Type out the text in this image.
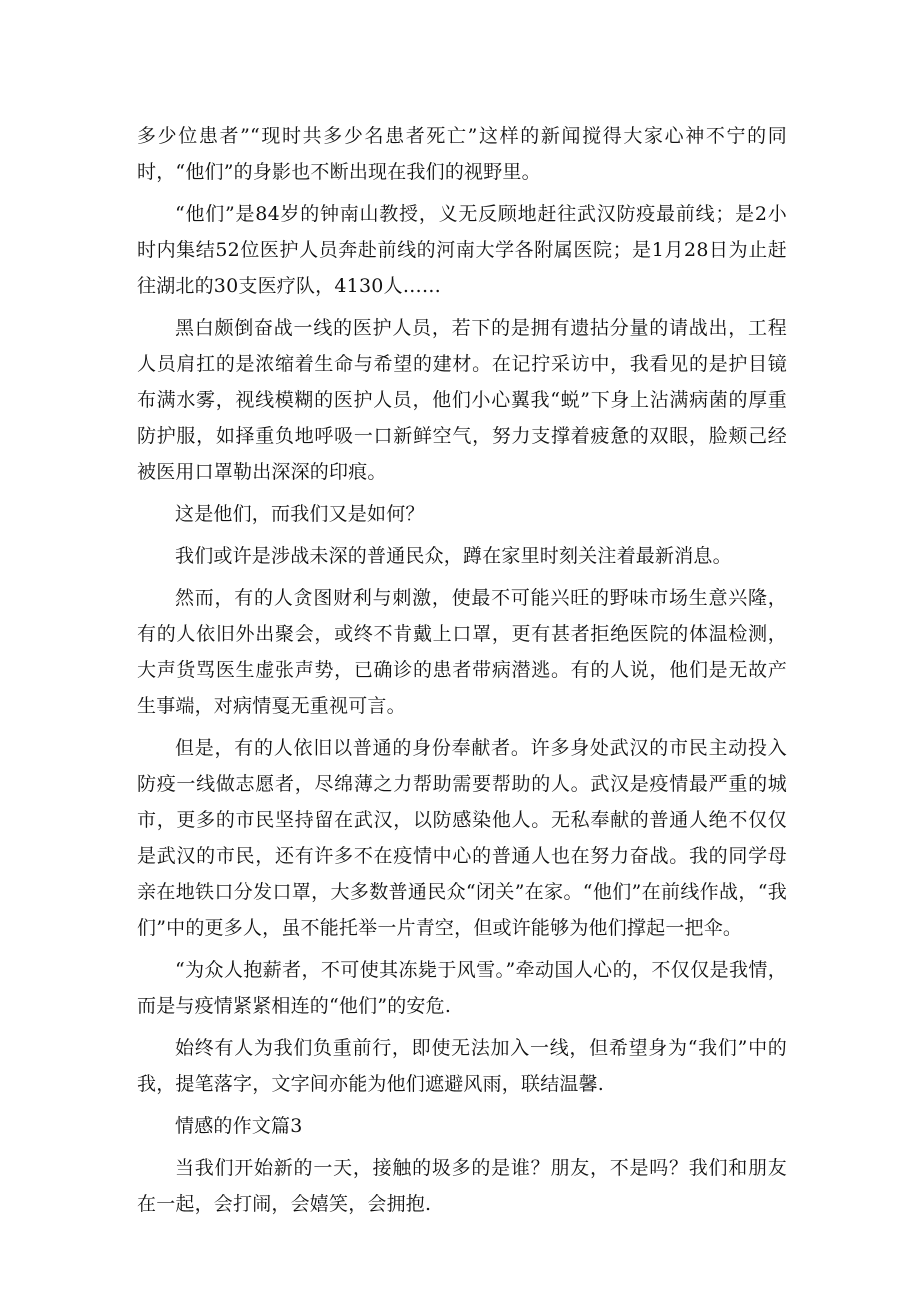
多少位患者”“现时共多少名患者死亡”这样的新闻搅得大家心神不宁的同时，“他们”的身影也不断出现在我们的视野里。

“他们”是84岁的钟南山教授，义无反顾地赶往武汉防疫最前线；是2小时内集结52位医护人员奔赴前线的河南大学各附属医院；是1月28日为止赶往湖北的30支医疗队，4130人……

黑白颇倒奋战一线的医护人员，若下的是拥有遗拈分量的请战出，工程人员肩扛的是浓缩着生命与希望的建材。在记拧采访中，我看见的是护目镜布满水雾，视线模糊的医护人员，他们小心翼我“蜕”下身上沾满病菌的厚重防护服，如择重负地呼吸一口新鲜空气，努力支撑着疲惫的双眼，脸颊己经被医用口罩勒出深深的印痕。

这是他们，而我们又是如何？

我们或许是涉战未深的普通民众，蹲在家里时刻关注着最新消息。

然而，有的人贪图财利与刺激，使最不可能兴旺的野味市场生意兴隆，有的人依旧外出聚会，或终不肯戴上口罩，更有甚者拒绝医院的体温检测，大声货骂医生虚张声势，已确诊的患者带病潜逃。有的人说，他们是无故产生事端，对病情戛无重视可言。

但是，有的人依旧以普通的身份奉献者。许多身处武汉的市民主动投入防疫一线做志愿者，尽绵薄之力帮助需要帮助的人。武汉是疫情最严重的城市，更多的市民坚持留在武汉，以防感染他人。无私奉献的普通人绝不仅仅是武汉的市民，还有许多不在疫情中心的普通人也在努力奋战。我的同学母亲在地铁口分发口罩，大多数普通民众“闭关”在家。“他们”在前线作战，“我们”中的更多人，虽不能托举一片青空，但或许能够为他们撑起一把伞。

“为众人抱薪者，不可使其冻毙于风雪。”牵动国人心的，不仅仅是我情，而是与疫情紧紧相连的“他们”的安危.

始终有人为我们负重前行，即使无法加入一线，但希望身为“我们”中的我，提笔落字，文字间亦能为他们遮避风雨，联结温馨.

情感的作文篇3

当我们开始新的一天，接触的圾多的是谁？朋友，不是吗？我们和朋友在一起，会打闹，会嬉笑，会拥抱.
